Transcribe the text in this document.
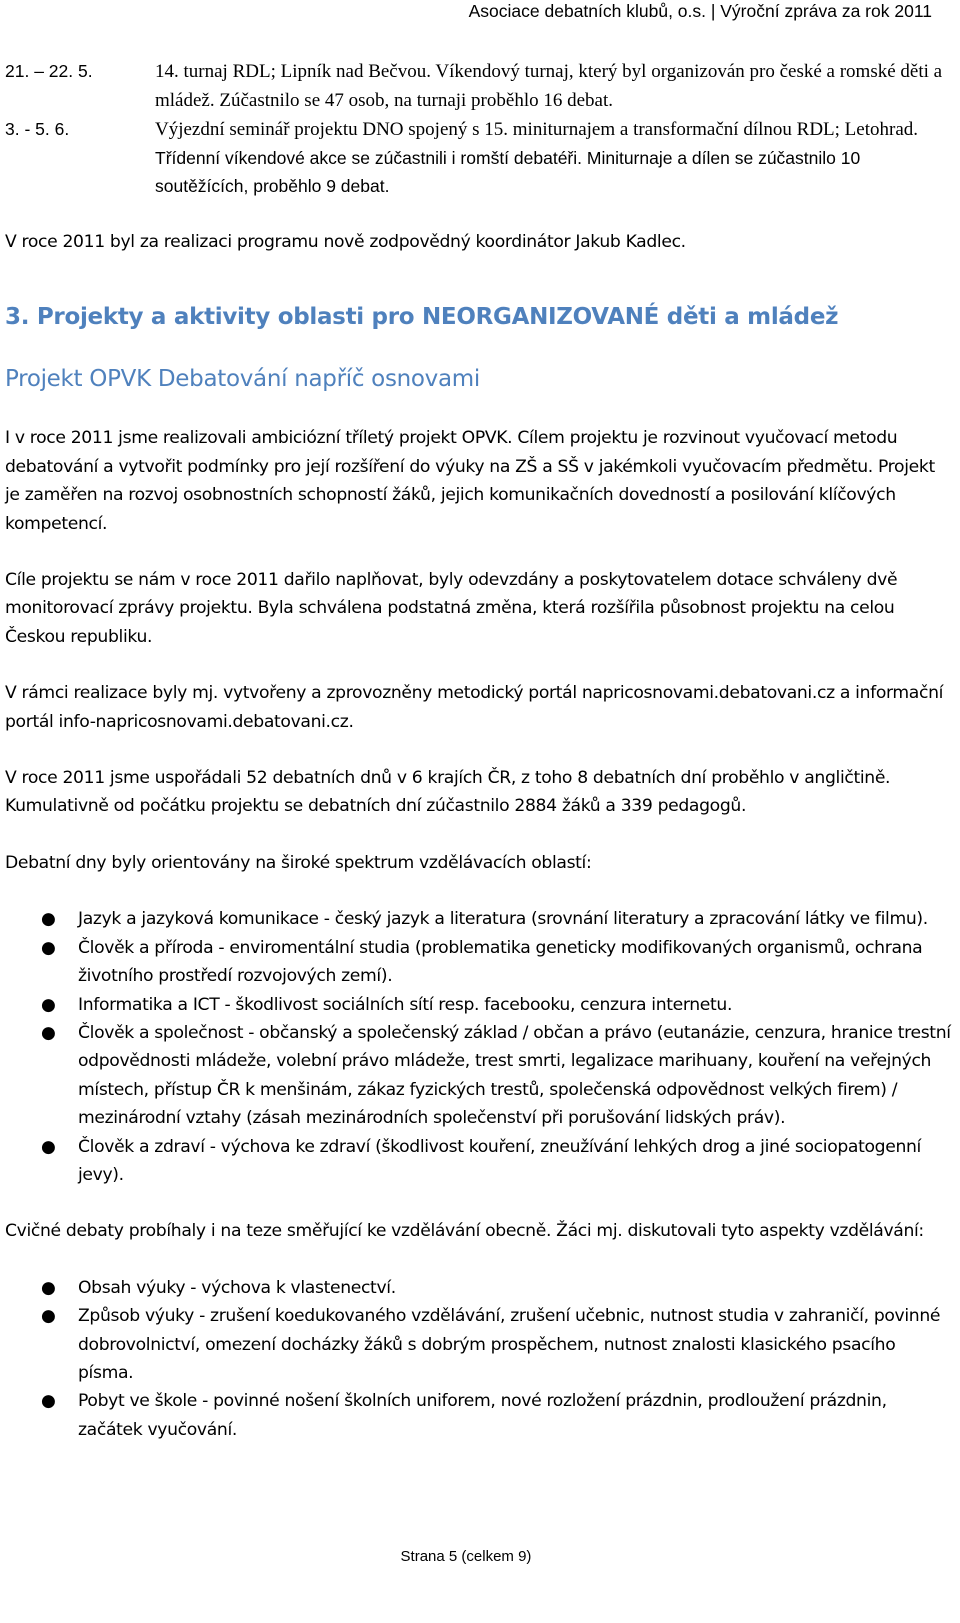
Asociace debatních klubů, o.s. | Výroční zpráva za rok 2011
21. – 22. 5.	14. turnaj RDL; Lipník nad Bečvou. Víkendový turnaj, který byl organizován pro české a romské děti a mládež. Zúčastnilo se 47 osob, na turnaji proběhlo 16 debat.
3. - 5. 6.	Výjezdní seminář projektu DNO spojený s 15. miniturnajem a transformační dílnou RDL; Letohrad. Třídenní víkendové akce se zúčastnili i romští debatéři. Miniturnaje a dílen se zúčastnilo 10 soutěžících, proběhlo 9 debat.

V roce 2011 byl za realizaci programu nově zodpovědný koordinátor Jakub Kadlec.

3. Projekty a aktivity oblasti pro NEORGANIZOVANÉ děti a mládež
Projekt OPVK Debatování napříč osnovami

I v roce 2011 jsme realizovali ambiciózní tříletý projekt OPVK. Cílem projektu je rozvinout vyučovací metodu debatování a vytvořit podmínky pro její rozšíření do výuky na ZŠ a SŠ v jakémkoli vyučovacím předmětu. Projekt je zaměřen na rozvoj osobnostních schopností žáků, jejich komunikačních dovedností a posilování klíčových kompetencí.

Cíle projektu se nám v roce 2011 dařilo naplňovat, byly odevzdány a poskytovatelem dotace schváleny dvě monitorovací zprávy projektu. Byla schválena podstatná změna, která rozšířila působnost projektu na celou Českou republiku.

V rámci realizace byly mj. vytvořeny a zprovozněny metodický portál napricosnovami.debatovani.cz a informační portál info-napricosnovami.debatovani.cz.

V roce 2011 jsme uspořádali 52 debatních dnů v 6 krajích ČR, z toho 8 debatních dní proběhlo v angličtině. Kumulativně od počátku projektu se debatních dní zúčastnilo 2884 žáků a 339 pedagogů.

Debatní dny byly orientovány na široké spektrum vzdělávacích oblastí:

● Jazyk a jazyková komunikace - český jazyk a literatura (srovnání literatury a zpracování látky ve filmu).
● Člověk a příroda - enviromentální studia (problematika geneticky modifikovaných organismů, ochrana životního prostředí rozvojových zemí).
● Informatika a ICT - škodlivost sociálních sítí resp. facebooku, cenzura internetu.
● Člověk a společnost - občanský a společenský základ / občan a právo (eutanázie, cenzura, hranice trestní odpovědnosti mládeže, volební právo mládeže, trest smrti, legalizace marihuany, kouření na veřejných místech, přístup ČR k menšinám, zákaz fyzických trestů, společenská odpovědnost velkých firem) / mezinárodní vztahy (zásah mezinárodních společenství při porušování lidských práv).
● Člověk a zdraví - výchova ke zdraví (škodlivost kouření, zneužívání lehkých drog a jiné sociopatogenní jevy).

Cvičné debaty probíhaly i na teze směřující ke vzdělávání obecně. Žáci mj. diskutovali tyto aspekty vzdělávání:

● Obsah výuky - výchova k vlastenectví.
● Způsob výuky - zrušení koedukovaného vzdělávání, zrušení učebnic, nutnost studia v zahraničí, povinné dobrovolnictví, omezení docházky žáků s dobrým prospěchem, nutnost znalosti klasického psacího písma.
● Pobyt ve škole - povinné nošení školních uniforem, nové rozložení prázdnin, prodloužení prázdnin, začátek vyučování.
Strana 5 (celkem 9)
